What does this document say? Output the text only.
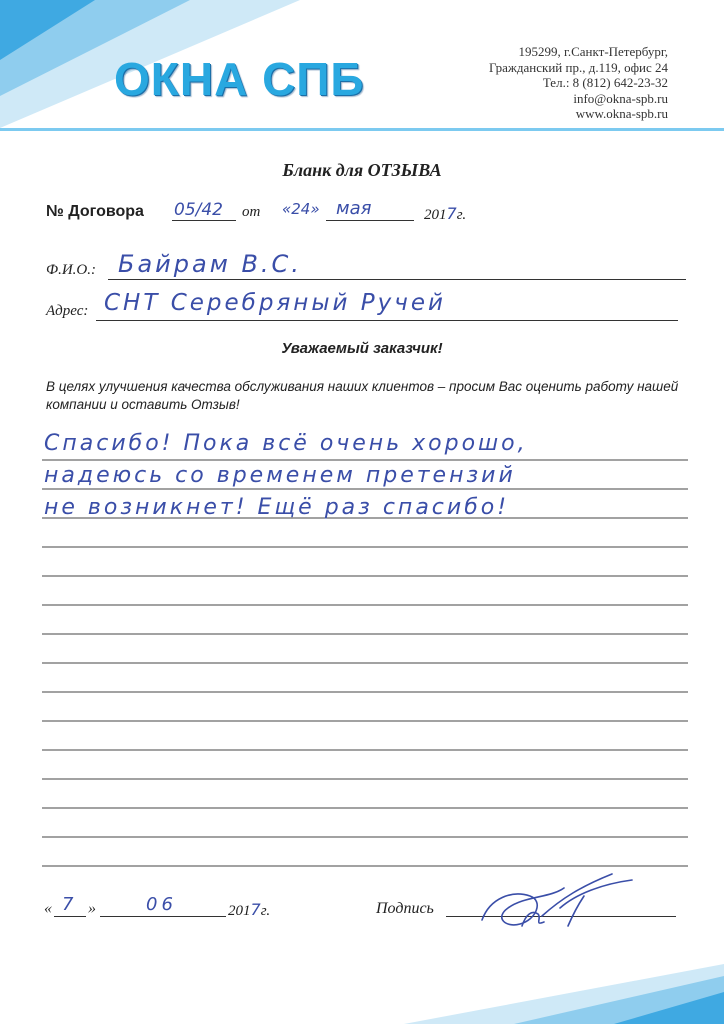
ОКНА СПБ
195299, г.Санкт-Петербург,
Гражданский пр., д.119, офис 24
Тел.: 8 (812) 642-23-32
info@okna-spb.ru
www.okna-spb.ru
Бланк для ОТЗЫВА
№ Договора 05/42 от «24» мая	2017г.
Ф.И.О.: Байрам В.С.
Адрес: СНТ Серебряный Ручей
Уважаемый заказчик!
В целях улучшения качества обслуживания наших клиентов – просим Вас оценить работу нашей компании и оставить Отзыв!
Спасибо! Пока всё очень хорошо,
надеюсь со временем претензий
не возникнет! Ещё раз спасибо!
« 7 »	06	2017г.	Подпись
